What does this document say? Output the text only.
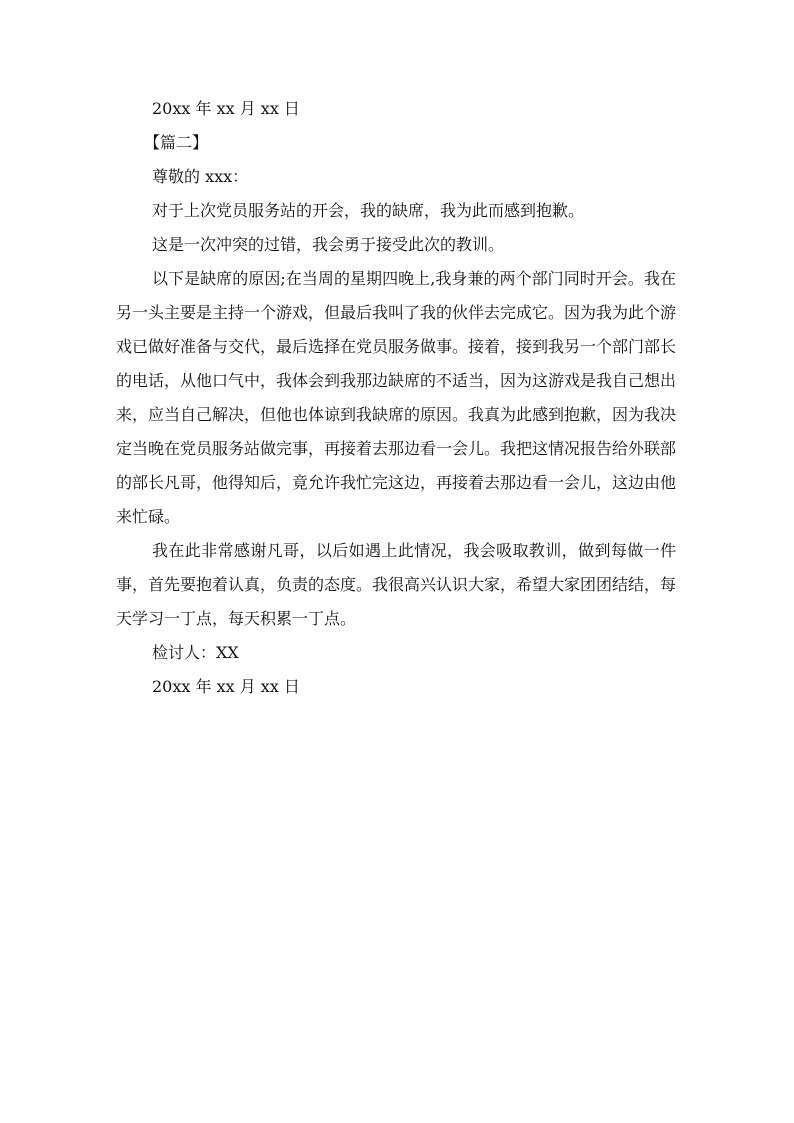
20xx 年 xx 月 xx 日

【篇二】

尊敬的 xxx：

对于上次党员服务站的开会，我的缺席，我为此而感到抱歉。

这是一次冲突的过错，我会勇于接受此次的教训。

以下是缺席的原因;在当周的星期四晚上,我身兼的两个部门同时开会。我在另一头主要是主持一个游戏，但最后我叫了我的伙伴去完成它。因为我为此个游戏已做好准备与交代，最后选择在党员服务做事。接着，接到我另一个部门部长的电话，从他口气中，我体会到我那边缺席的不适当，因为这游戏是我自己想出来，应当自己解决，但他也体谅到我缺席的原因。我真为此感到抱歉，因为我决定当晚在党员服务站做完事，再接着去那边看一会儿。我把这情况报告给外联部的部长凡哥，他得知后，竟允许我忙完这边，再接着去那边看一会儿，这边由他来忙碌。

我在此非常感谢凡哥，以后如遇上此情况，我会吸取教训，做到每做一件事，首先要抱着认真，负责的态度。我很高兴认识大家，希望大家团团结结，每天学习一丁点，每天积累一丁点。

检讨人：XX

20xx 年 xx 月 xx 日
